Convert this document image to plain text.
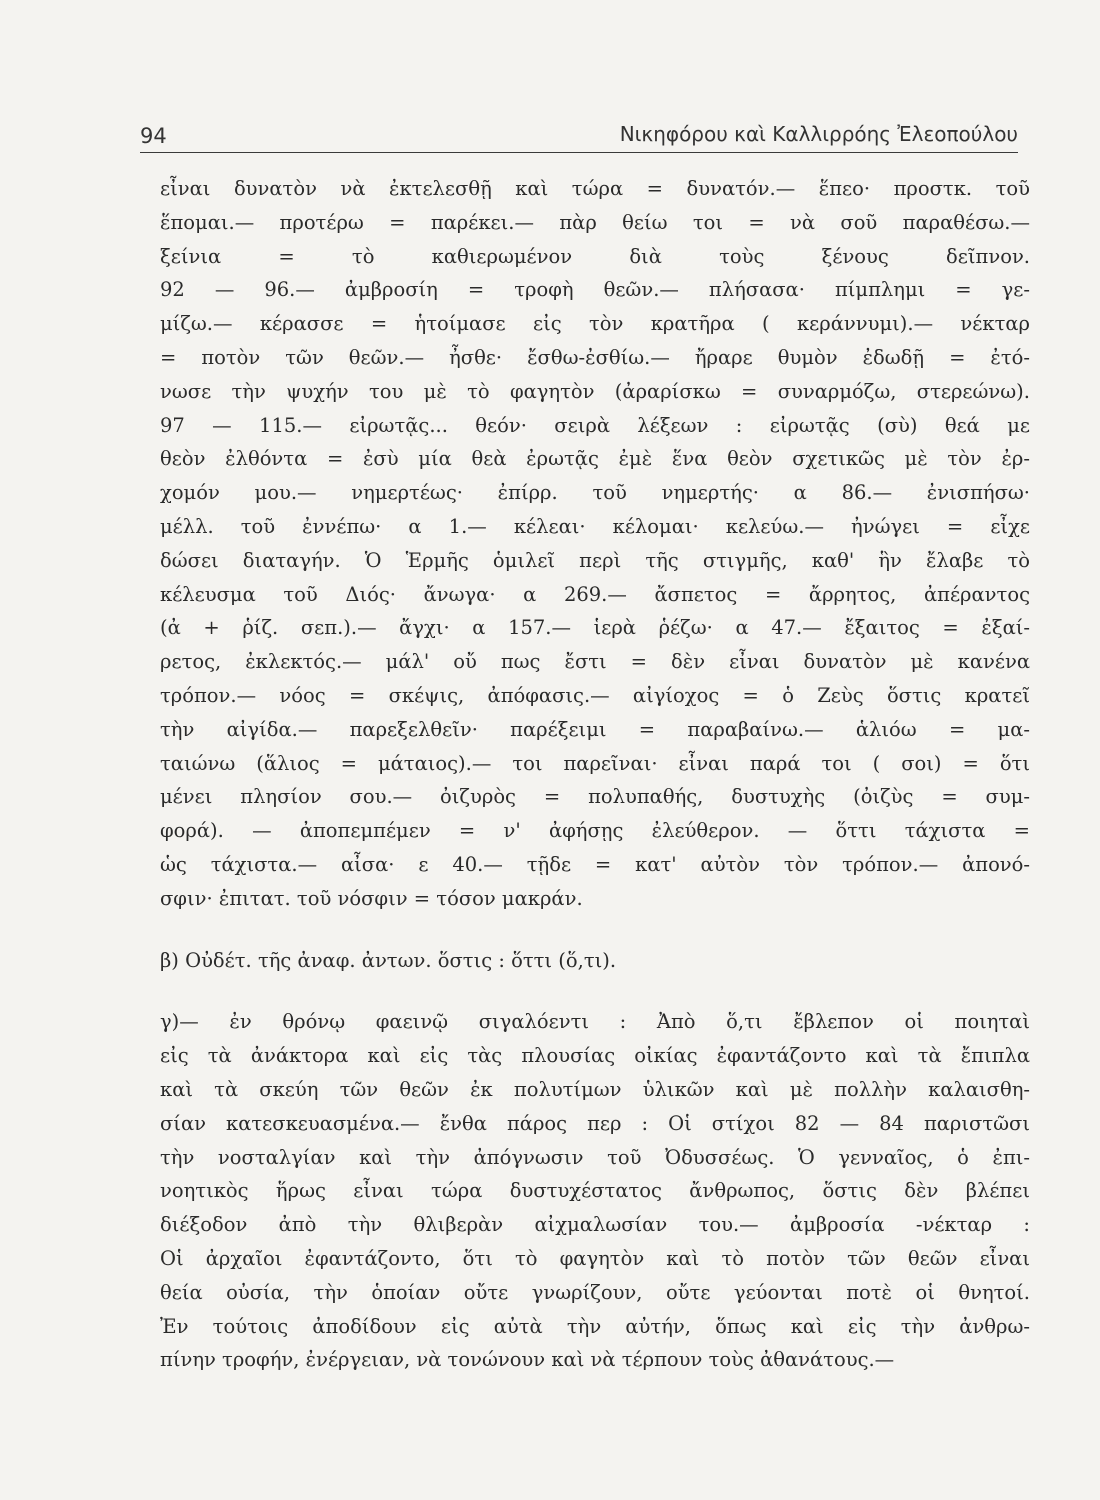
94	Νικηφόρου καὶ Καλλιρρόης Ἐλεοπούλου
εἶναι δυνατὸν νὰ ἐκτελεσθῇ καὶ τώρα = δυνατόν.— ἕπεο· προστκ. τοῦ
ἕπομαι.— προτέρω = παρέκει.— πὰρ θείω τοι = νὰ σοῦ παραθέσω.—
ξείνια = τὸ καθιερωμένον διὰ τοὺς ξένους δεῖπνον.
92 — 96.— ἀμβροσίη = τροφὴ θεῶν.— πλήσασα· πίμπλημι = γε-
μίζω.— κέρασσε = ἡτοίμασε εἰς τὸν κρατῆρα ( κεράννυμι).— νέκταρ
= ποτὸν τῶν θεῶν.— ἦσθε· ἔσθω-ἐσθίω.— ἤραρε θυμὸν ἐδωδῇ = ἐτό-
νωσε τὴν ψυχήν του μὲ τὸ φαγητὸν (ἀραρίσκω = συναρμόζω, στερεώνω).
97 — 115.— εἰρωτᾷς... θεόν· σειρὰ λέξεων : εἰρωτᾷς (σὺ) θεά με
θεὸν ἐλθόντα = ἐσὺ μία θεὰ ἐρωτᾷς ἐμὲ ἕνα θεὸν σχετικῶς μὲ τὸν ἐρ-
χομόν μου.— νημερτέως· ἐπίρρ. τοῦ νημερτής· α 86.— ἐνισπήσω·
μέλλ. τοῦ ἐννέπω· α 1.— κέλεαι· κέλομαι· κελεύω.— ἠνώγει = εἶχε
δώσει διαταγήν. Ὁ Ἑρμῆς ὁμιλεῖ περὶ τῆς στιγμῆς, καθ' ἣν ἔλαβε τὸ
κέλευσμα τοῦ Διός· ἄνωγα· α 269.— ἄσπετος = ἄρρητος, ἀπέραντος
(ἀ + ῥίζ. σεπ.).— ἄγχι· α 157.— ἱερὰ ῥέζω· α 47.— ἔξαιτος = ἐξαί-
ρετος, ἐκλεκτός.— μάλ' οὔ πως ἔστι = δὲν εἶναι δυνατὸν μὲ κανένα
τρόπον.— νόος = σκέψις, ἀπόφασις.— αἰγίοχος = ὁ Ζεὺς ὅστις κρατεῖ
τὴν αἰγίδα.— παρεξελθεῖν· παρέξειμι = παραβαίνω.— ἁλιόω = μα-
ταιώνω (ἅλιος = μάταιος).— τοι παρεῖναι· εἶναι παρά τοι ( σοι) = ὅτι
μένει πλησίον σου.— ὀιζυρὸς = πολυπαθής, δυστυχὴς (ὀιζὺς = συμ-
φορά). — ἀποπεμπέμεν = ν' ἀφήσῃς ἐλεύθερον. — ὅττι τάχιστα =
ὡς τάχιστα.— αἶσα· ε 40.— τῇδε = κατ' αὐτὸν τὸν τρόπον.— ἀπονό-
σφιν· ἐπιτατ. τοῦ νόσφιν = τόσον μακράν.
β) Οὐδέτ. τῆς ἀναφ. ἀντων. ὅστις : ὅττι (ὅ,τι).
γ)— ἐν θρόνῳ φαεινῷ σιγαλόεντι : Ἀπὸ ὅ,τι ἔβλεπον οἱ ποιηταὶ
εἰς τὰ ἀνάκτορα καὶ εἰς τὰς πλουσίας οἰκίας ἐφαντάζοντο καὶ τὰ ἔπιπλα
καὶ τὰ σκεύη τῶν θεῶν ἐκ πολυτίμων ὑλικῶν καὶ μὲ πολλὴν καλαισθη-
σίαν κατεσκευασμένα.— ἔνθα πάρος περ : Οἱ στίχοι 82 — 84 παριστῶσι
τὴν νοσταλγίαν καὶ τὴν ἀπόγνωσιν τοῦ Ὀδυσσέως. Ὁ γενναῖος, ὁ ἐπι-
νοητικὸς ἥρως εἶναι τώρα δυστυχέστατος ἄνθρωπος, ὅστις δὲν βλέπει
διέξοδον ἀπὸ τὴν θλιβερὰν αἰχμαλωσίαν του.— ἀμβροσία -νέκταρ :
Οἱ ἀρχαῖοι ἐφαντάζοντο, ὅτι τὸ φαγητὸν καὶ τὸ ποτὸν τῶν θεῶν εἶναι
θεία οὐσία, τὴν ὁποίαν οὔτε γνωρίζουν, οὔτε γεύονται ποτὲ οἱ θνητοί.
Ἐν τούτοις ἀποδίδουν εἰς αὐτὰ τὴν αὐτήν, ὅπως καὶ εἰς τὴν ἀνθρω-
πίνην τροφήν, ἐνέργειαν, νὰ τονώνουν καὶ νὰ τέρπουν τοὺς ἀθανάτους.—
